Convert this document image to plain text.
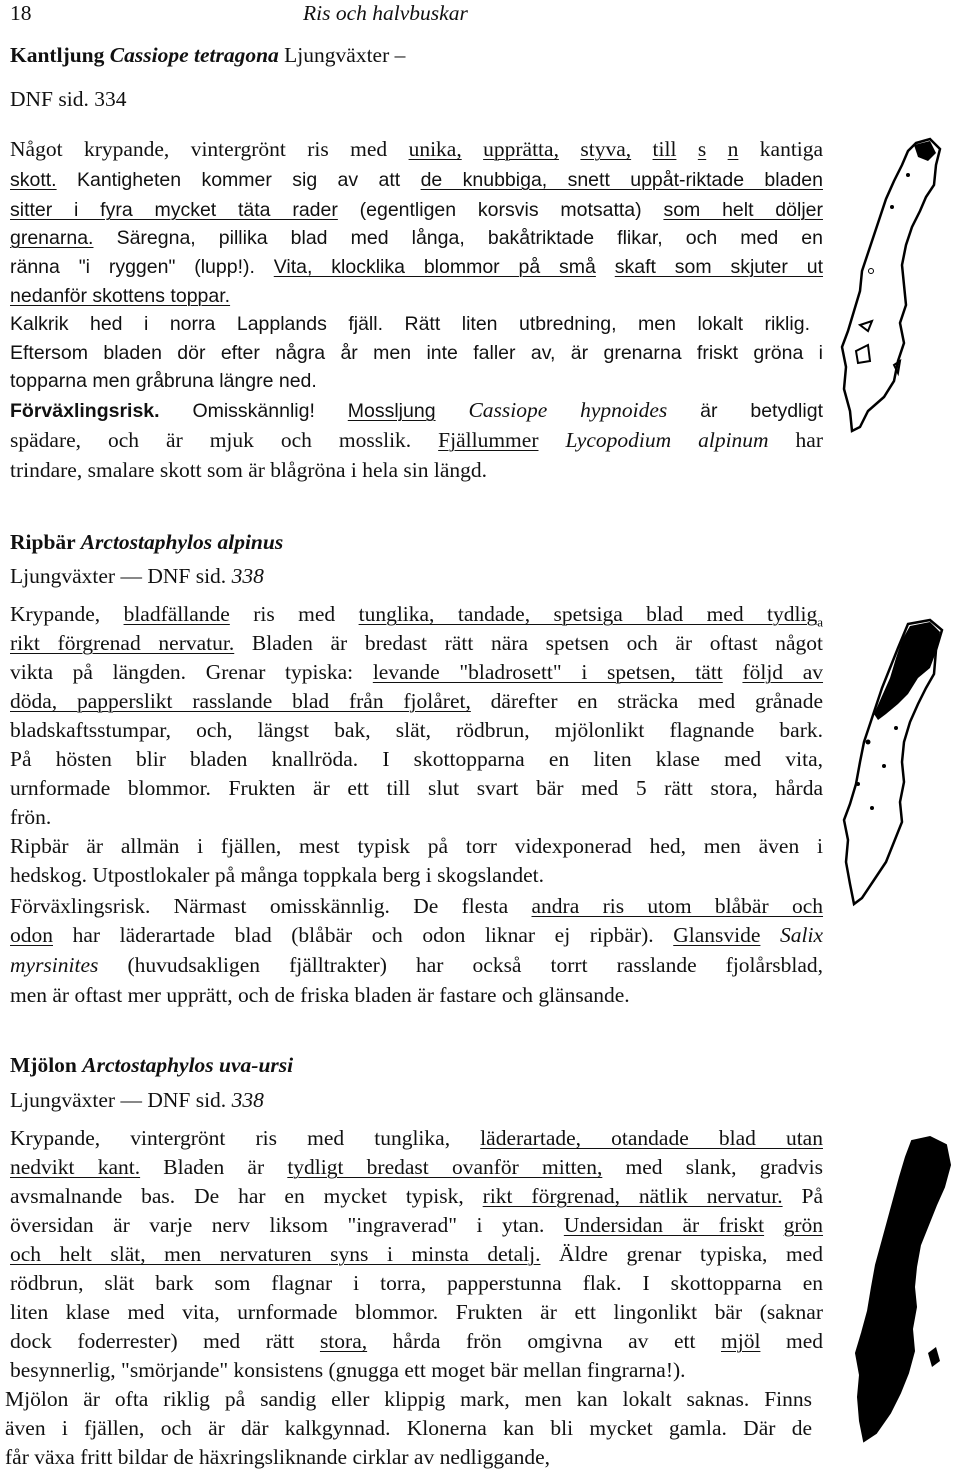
18	Ris och halvbuskar
Kantljung Cassiope tetragona Ljungväxter –
DNF sid. 334
Något krypande, vintergrönt ris med unika, upprätta, styva, till s n kantiga
skott. Kantigheten kommer sig av att de knubbiga, snett uppåt-riktade bladen
sitter i fyra mycket täta rader (egentligen korsvis motsatta) som helt döljer
grenarna. Säregna, pillika blad med långa, bakåtriktade flikar, och med en
ränna "i ryggen" (lupp!). Vita, klocklika blommor på små skaft som skjuter ut
nedanför skottens toppar.
Kalkrik hed i norra Lapplands fjäll. Rätt liten utbredning, men lokalt riklig.
Eftersom bladen dör efter några år men inte faller av, är grenarna friskt gröna i
topparna men gråbruna längre ned.
Förväxlingsrisk. Omisskännlig! Mossljung Cassiope hypnoides är betydligt
spädare, och är mjuk och mosslik. Fjällummer Lycopodium alpinum har
trindare, smalare skott som är blågröna i hela sin längd.
Ripbär Arctostaphylos alpinus
Ljungväxter — DNF sid. 338
Krypande, bladfällande ris med tunglika, tandade, spetsiga blad med tydlig$_a$
rikt förgrenad nervatur. Bladen är bredast rätt nära spetsen och är oftast något
vikta på längden. Grenar typiska: levande "bladrosett" i spetsen, tätt följd av
döda, papperslikt rasslande blad från fjolåret, därefter en sträcka med grånade
bladskaftsstumpar, och, längst bak, slät, rödbrun, mjölonlikt flagnande bark.
På hösten blir bladen knallröda. I skottopparna en liten klase med vita,
urnformade blommor. Frukten är ett till slut svart bär med 5 rätt stora, hårda
frön.
Ripbär är allmän i fjällen, mest typisk på torr videxponerad hed, men även i
hedskog. Utpostlokaler på många toppkala berg i skogslandet.
Förväxlingsrisk. Närmast omisskännlig. De flesta andra ris utom blåbär och
odon har läderartade blad (blåbär och odon liknar ej ripbär). Glansvide Salix
myrsinites (huvudsakligen fjälltrakter) har också torrt rasslande fjolårsblad,
men är oftast mer upprätt, och de friska bladen är fastare och glänsande.
Mjölon Arctostaphylos uva-ursi
Ljungväxter — DNF sid. 338
Krypande, vintergrönt ris med tunglika, läderartade, otandade blad utan
nedvikt kant. Bladen är tydligt bredast ovanför mitten, med slank, gradvis
avsmalnande bas. De har en mycket typisk, rikt förgrenad, nätlik nervatur. På
översidan är varje nerv liksom "ingraverad" i ytan. Undersidan är friskt grön
och helt slät, men nervaturen syns i minsta detalj. Äldre grenar typiska, med
rödbrun, slät bark som flagnar i torra, papperstunna flak. I skottopparna en
liten klase med vita, urnformade blommor. Frukten är ett lingonlikt bär (saknar
dock foderrester) med rätt stora, hårda frön omgivna av ett mjöl med
besynnerlig, "smörjande" konsistens (gnugga ett moget bär mellan fingrarna!).
Mjölon är ofta riklig på sandig eller klippig mark, men kan lokalt saknas. Finns
även i fjällen, och är där kalkgynnad. Klonerna kan bli mycket gamla. Där de
får växa fritt bildar de häxringsliknande cirklar av nedliggande,
